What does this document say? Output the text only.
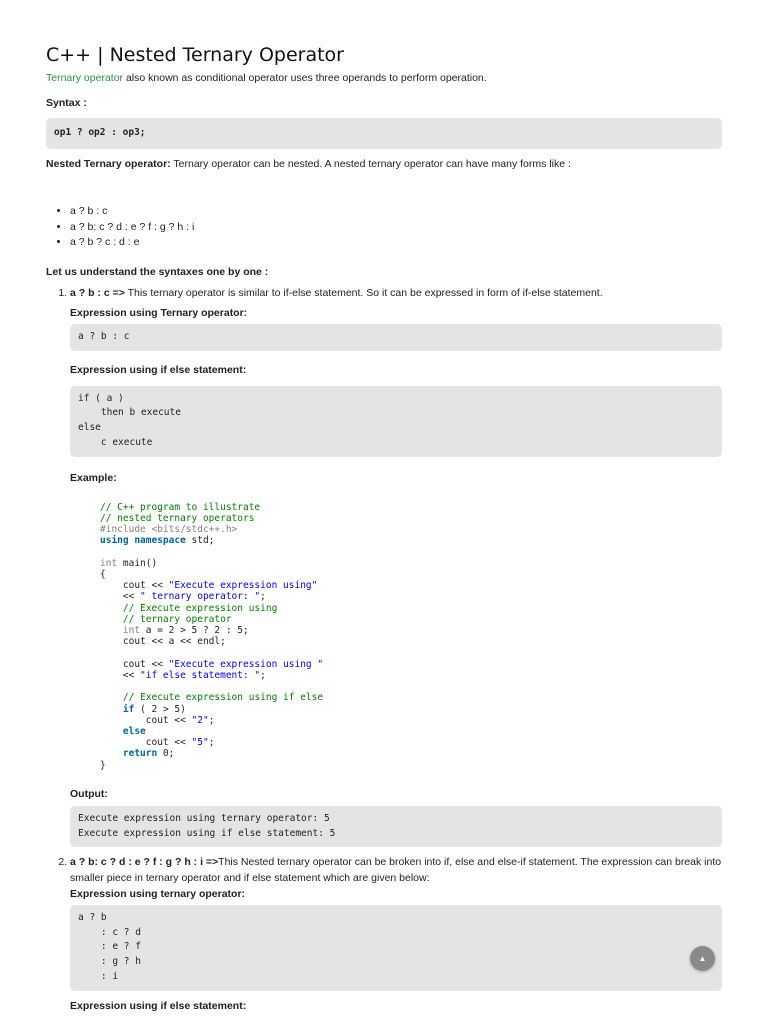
C++ | Nested Ternary Operator

Ternary operator also known as conditional operator uses three operands to perform operation.

Syntax :

op1 ? op2 : op3;

Nested Ternary operator: Ternary operator can be nested. A nested ternary operator can have many forms like :

• a ? b : c
• a ? b: c ? d : e ? f : g ? h : i
• a ? b ? c : d : e

Let us understand the syntaxes one by one :

1. a ? b : c => This ternary operator is similar to if-else statement. So it can be expressed in form of if-else statement.

Expression using Ternary operator:

a ? b : c

Expression using if else statement:

if ( a )
then b execute
else
c execute

Example:

// C++ program to illustrate
// nested ternary operators
#include <bits/stdc++.h>
using namespace std;

int main()
{
cout << "Execute expression using"
<< " ternary operator: ";
// Execute expression using
// ternary operator
int a = 2 > 5 ? 2 : 5;
cout << a << endl;

cout << "Execute expression using "
<< "if else statement: ";

// Execute expression using if else
if ( 2 > 5)
cout << "2";
else
cout << "5";
return 0;
}

Output:

Execute expression using ternary operator: 5
Execute expression using if else statement: 5
2. a ? b: c ? d : e ? f : g ? h : i =>This Nested ternary operator can be broken into if, else and else-if statement. The expression can break into smaller piece in ternary operator and if else statement which are given below:

Expression using ternary operator:

a ? b
: c ? d
: e ? f
: g ? h
: i

Expression using if else statement:

▲
